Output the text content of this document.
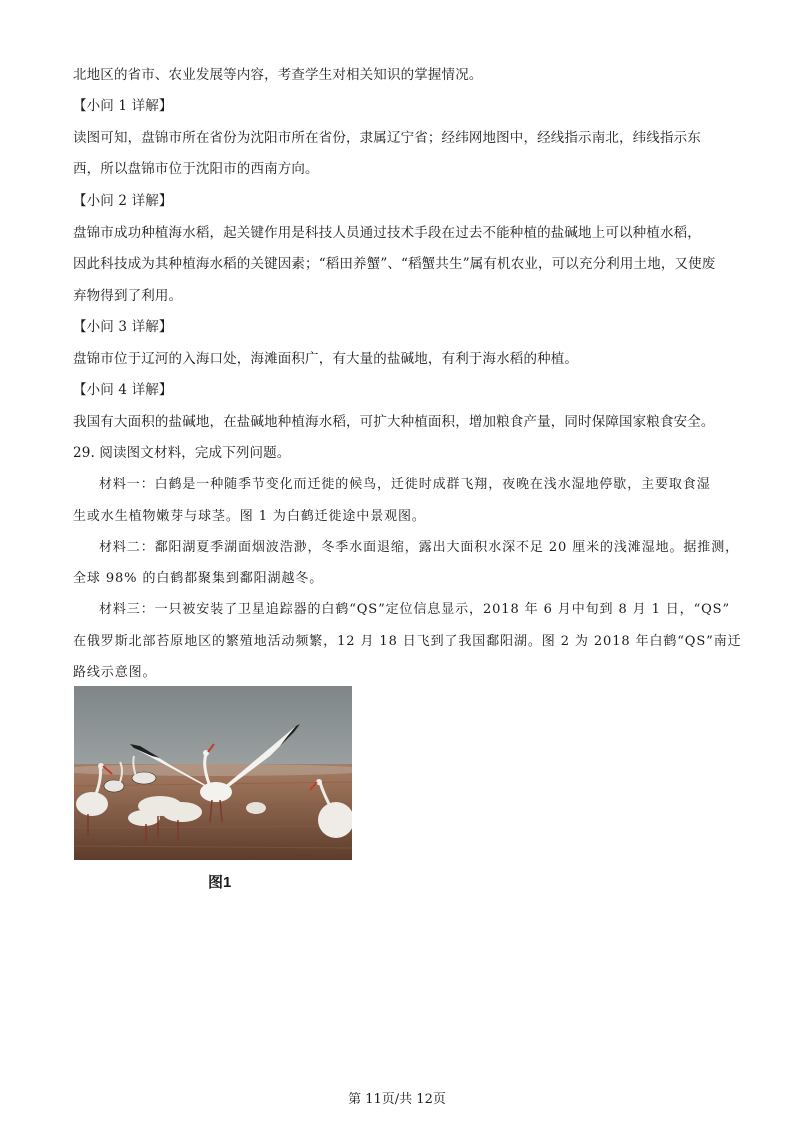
北地区的省市、农业发展等内容，考查学生对相关知识的掌握情况。
【小问 1 详解】
读图可知，盘锦市所在省份为沈阳市所在省份，隶属辽宁省；经纬网地图中，经线指示南北，纬线指示东
西，所以盘锦市位于沈阳市的西南方向。
【小问 2 详解】
盘锦市成功种植海水稻，起关键作用是科技人员通过技术手段在过去不能种植的盐碱地上可以种植水稻，
因此科技成为其种植海水稻的关键因素；“稻田养蟹”、“稻蟹共生”属有机农业，可以充分利用土地，又使废
弃物得到了利用。
【小问 3 详解】
盘锦市位于辽河的入海口处，海滩面积广，有大量的盐碱地，有利于海水稻的种植。
【小问 4 详解】
我国有大面积的盐碱地，在盐碱地种植海水稻，可扩大种植面积，增加粮食产量，同时保障国家粮食安全。
29. 阅读图文材料，完成下列问题。
材料一：白鹤是一种随季节变化而迁徙的候鸟，迁徙时成群飞翔，夜晚在浅水湿地停歇，主要取食湿
生或水生植物嫩芽与球茎。图 1 为白鹤迁徙途中景观图。
材料二：鄱阳湖夏季湖面烟波浩渺，冬季水面退缩，露出大面积水深不足 20 厘米的浅滩湿地。据推测，
全球 98% 的白鹤都聚集到鄱阳湖越冬。
材料三：一只被安装了卫星追踪器的白鹤“QS”定位信息显示，2018 年 6 月中旬到 8 月 1 日，“QS”
在俄罗斯北部苔原地区的繁殖地活动频繁，12 月 18 日飞到了我国鄱阳湖。图 2 为 2018 年白鹤“QS”南迁
路线示意图。
图1
第 11页/共 12页
